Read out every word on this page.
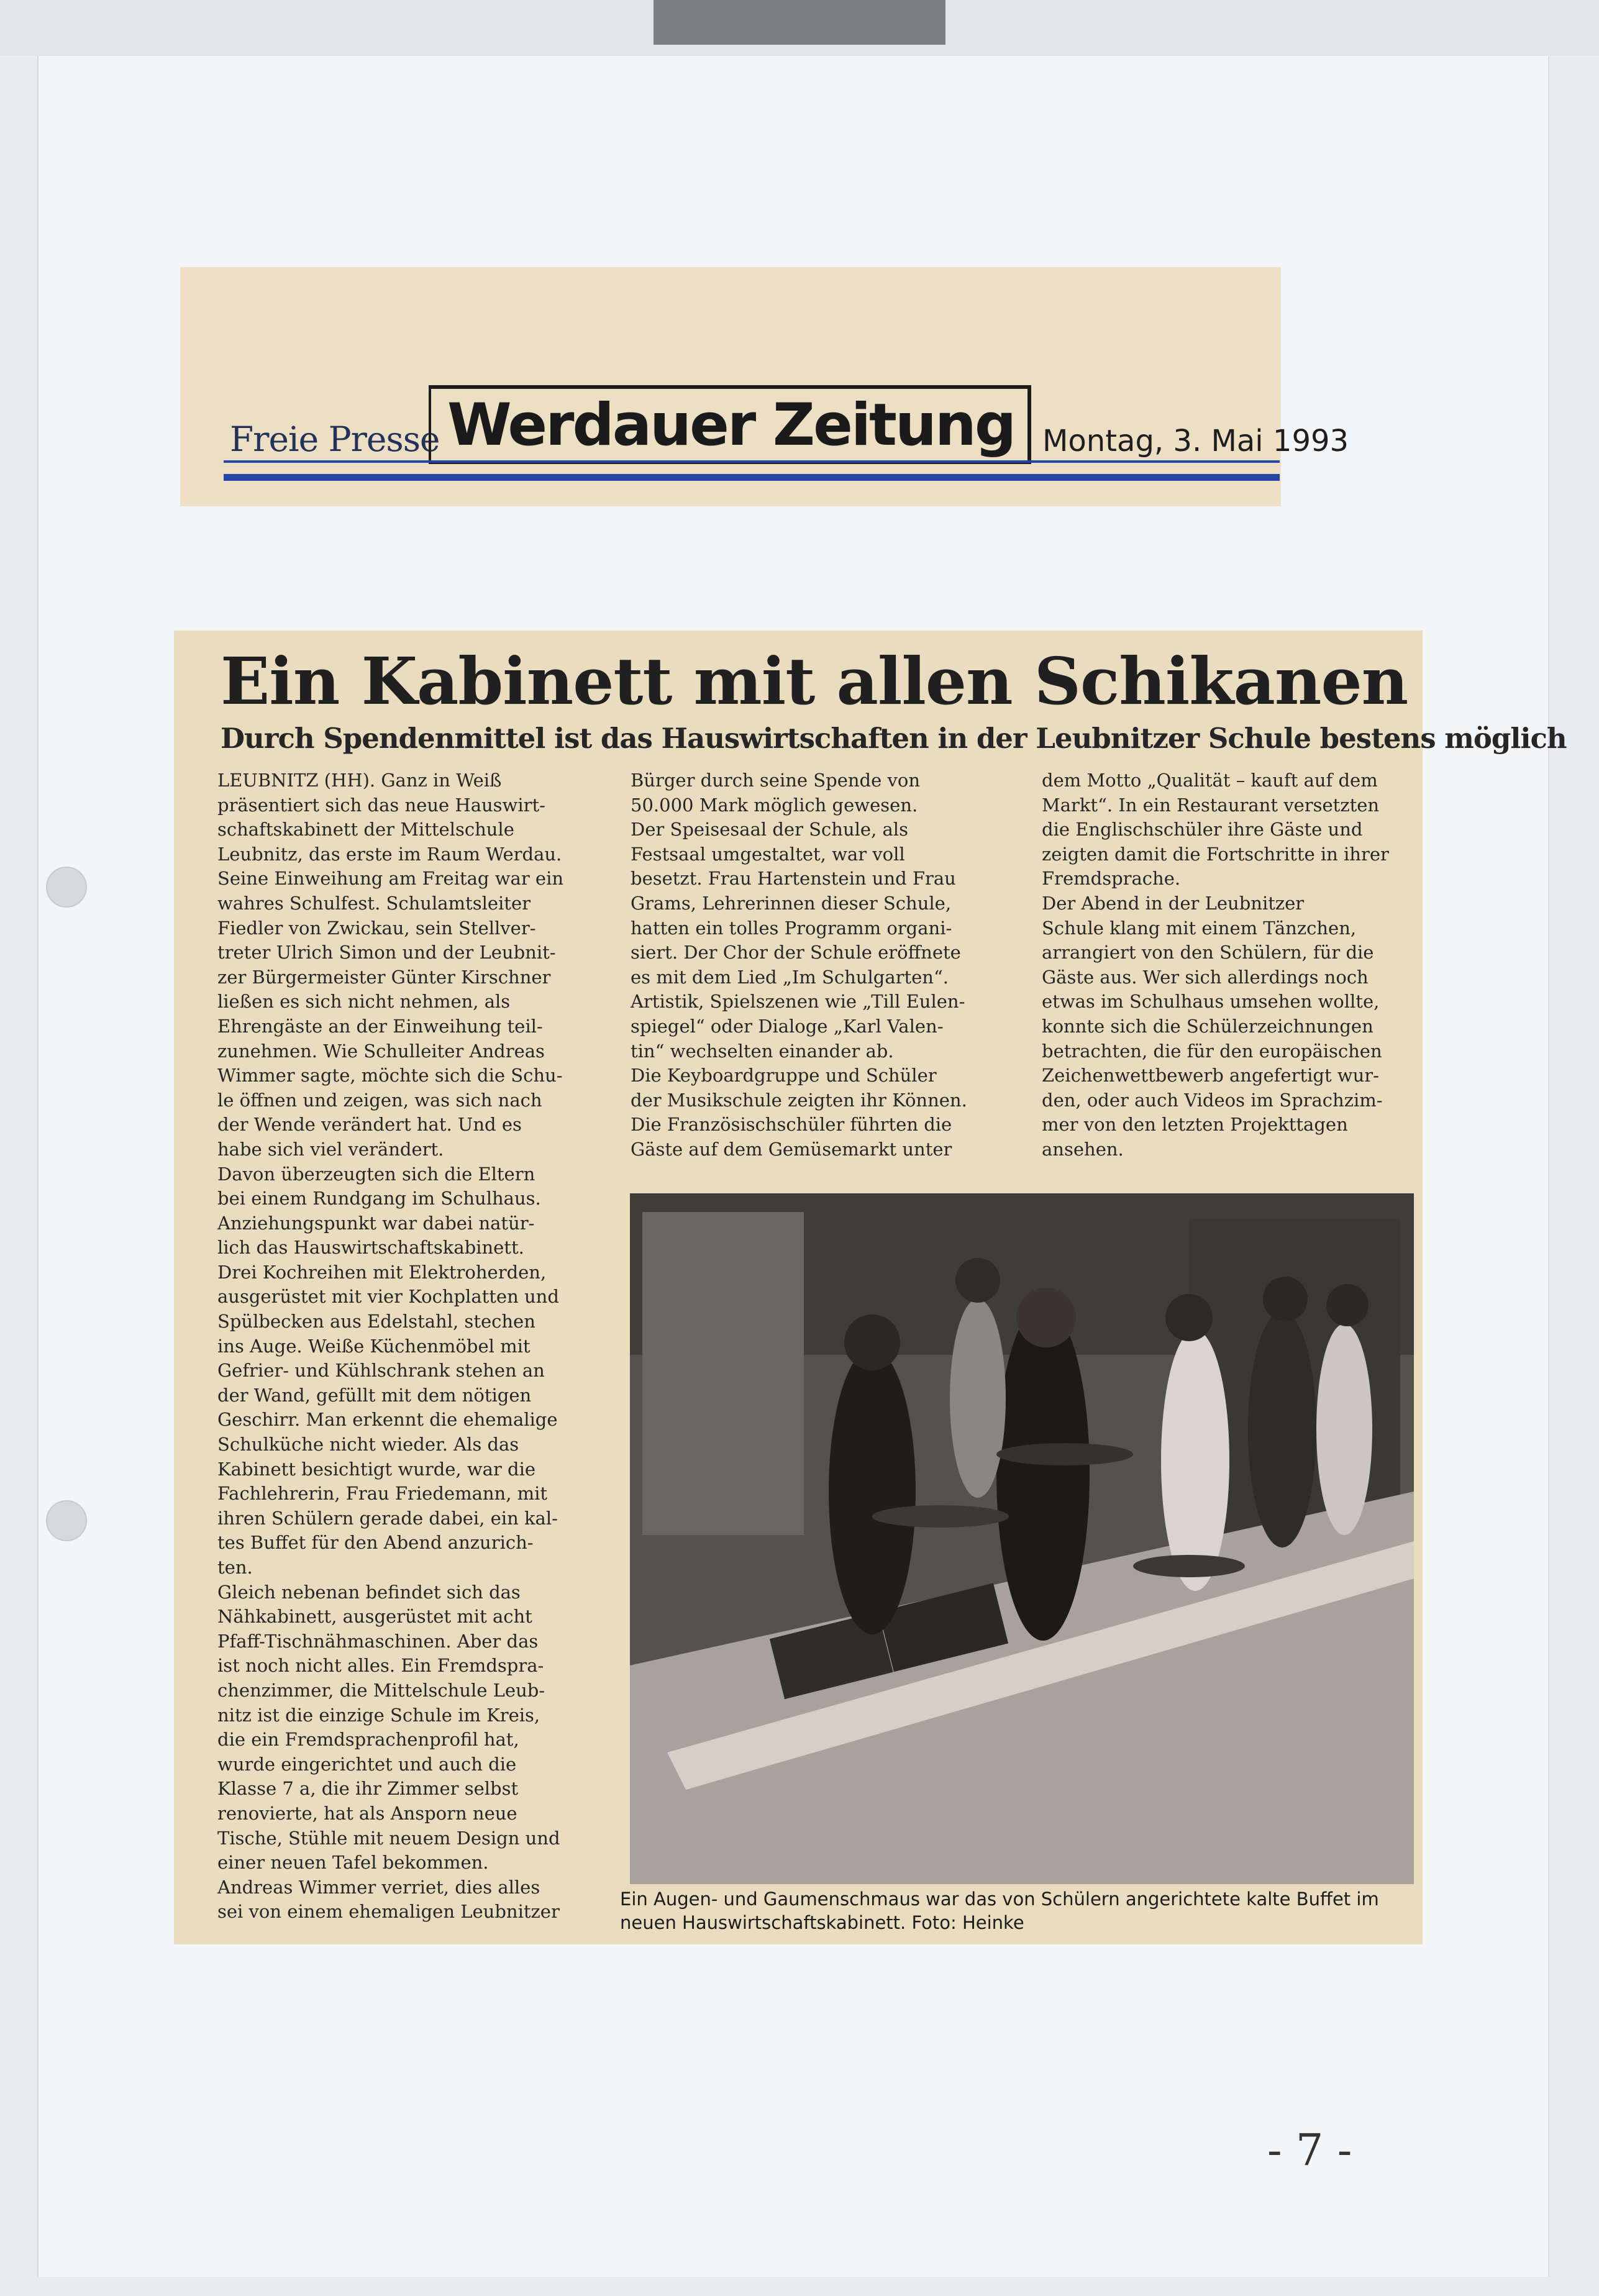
Freie Presse Werdauer Zeitung Montag, 3. Mai 1993
Ein Kabinett mit allen Schikanen
Durch Spendenmittel ist das Hauswirtschaften in der Leubnitzer Schule bestens möglich
LEUBNITZ (HH). Ganz in Weiß
präsentiert sich das neue Hauswirt-
schaftskabinett der Mittelschule
Leubnitz, das erste im Raum Werdau.
Seine Einweihung am Freitag war ein
wahres Schulfest. Schulamtsleiter
Fiedler von Zwickau, sein Stellver-
treter Ulrich Simon und der Leubnit-
zer Bürgermeister Günter Kirschner
ließen es sich nicht nehmen, als
Ehrengäste an der Einweihung teil-
zunehmen. Wie Schulleiter Andreas
Wimmer sagte, möchte sich die Schu-
le öffnen und zeigen, was sich nach
der Wende verändert hat. Und es
habe sich viel verändert.
Davon überzeugten sich die Eltern
bei einem Rundgang im Schulhaus.
Anziehungspunkt war dabei natür-
lich das Hauswirtschaftskabinett.
Drei Kochreihen mit Elektroherden,
ausgerüstet mit vier Kochplatten und
Spülbecken aus Edelstahl, stechen
ins Auge. Weiße Küchenmöbel mit
Gefrier- und Kühlschrank stehen an
der Wand, gefüllt mit dem nötigen
Geschirr. Man erkennt die ehemalige
Schulküche nicht wieder. Als das
Kabinett besichtigt wurde, war die
Fachlehrerin, Frau Friedemann, mit
ihren Schülern gerade dabei, ein kal-
tes Buffet für den Abend anzurich-
ten.
Gleich nebenan befindet sich das
Nähkabinett, ausgerüstet mit acht
Pfaff-Tischnähmaschinen. Aber das
ist noch nicht alles. Ein Fremdspra-
chenzimmer, die Mittelschule Leub-
nitz ist die einzige Schule im Kreis,
die ein Fremdsprachenprofil hat,
wurde eingerichtet und auch die
Klasse 7 a, die ihr Zimmer selbst
renovierte, hat als Ansporn neue
Tische, Stühle mit neuem Design und
einer neuen Tafel bekommen.
Andreas Wimmer verriet, dies alles
sei von einem ehemaligen Leubnitzer
Bürger durch seine Spende von
50.000 Mark möglich gewesen.
Der Speisesaal der Schule, als
Festsaal umgestaltet, war voll
besetzt. Frau Hartenstein und Frau
Grams, Lehrerinnen dieser Schule,
hatten ein tolles Programm organi-
siert. Der Chor der Schule eröffnete
es mit dem Lied „Im Schulgarten“.
Artistik, Spielszenen wie „Till Eulen-
spiegel“ oder Dialoge „Karl Valen-
tin“ wechselten einander ab.
Die Keyboardgruppe und Schüler
der Musikschule zeigten ihr Können.
Die Französischschüler führten die
Gäste auf dem Gemüsemarkt unter
dem Motto „Qualität – kauft auf dem
Markt“. In ein Restaurant versetzten
die Englischschüler ihre Gäste und
zeigten damit die Fortschritte in ihrer
Fremdsprache.
Der Abend in der Leubnitzer
Schule klang mit einem Tänzchen,
arrangiert von den Schülern, für die
Gäste aus. Wer sich allerdings noch
etwas im Schulhaus umsehen wollte,
konnte sich die Schülerzeichnungen
betrachten, die für den europäischen
Zeichenwettbewerb angefertigt wur-
den, oder auch Videos im Sprachzim-
mer von den letzten Projekttagen
ansehen.
Ein Augen- und Gaumenschmaus war das von Schülern angerichtete kalte Buffet im
neuen Hauswirtschaftskabinett. Foto: Heinke
- 7 -
